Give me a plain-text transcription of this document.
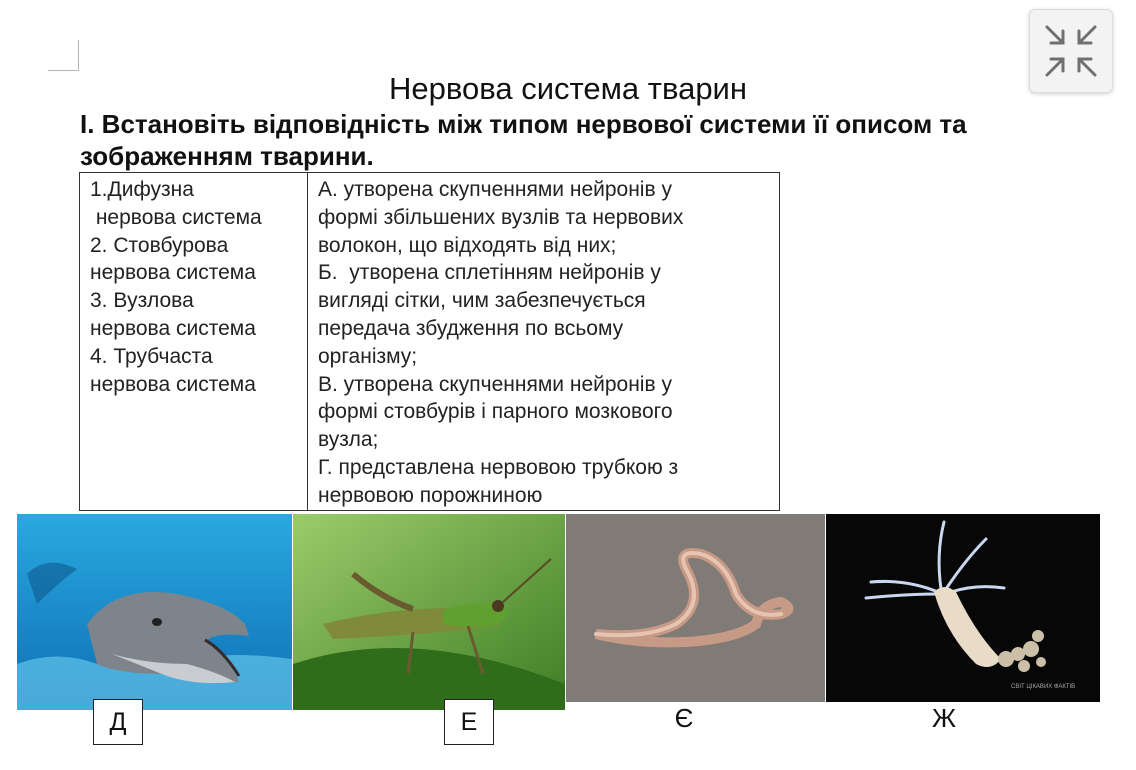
Нервова система тварин
І. Встановіть відповідність між типом нервової системи її описом та зображенням тварини.
1.Дифузна
нервова система
2. Стовбурова
нервова система
3. Вузлова
нервова система
4. Трубчаста
нервова система

А. утворена скупченнями нейронів у
формі збільшених вузлів та нервових
волокон, що відходять від них;
Б.  утворена сплетінням нейронів у
вигляді сітки, чим забезпечується
передача збудження по всьому
організму;
В. утворена скупченнями нейронів у
формі стовбурів і парного мозкового
вузла;
Г. представлена нервовою трубкою з
нервовою порожниною
СВІТ ЦІКАВИХ ФАКТІВ
Д	Е	Є	Ж
